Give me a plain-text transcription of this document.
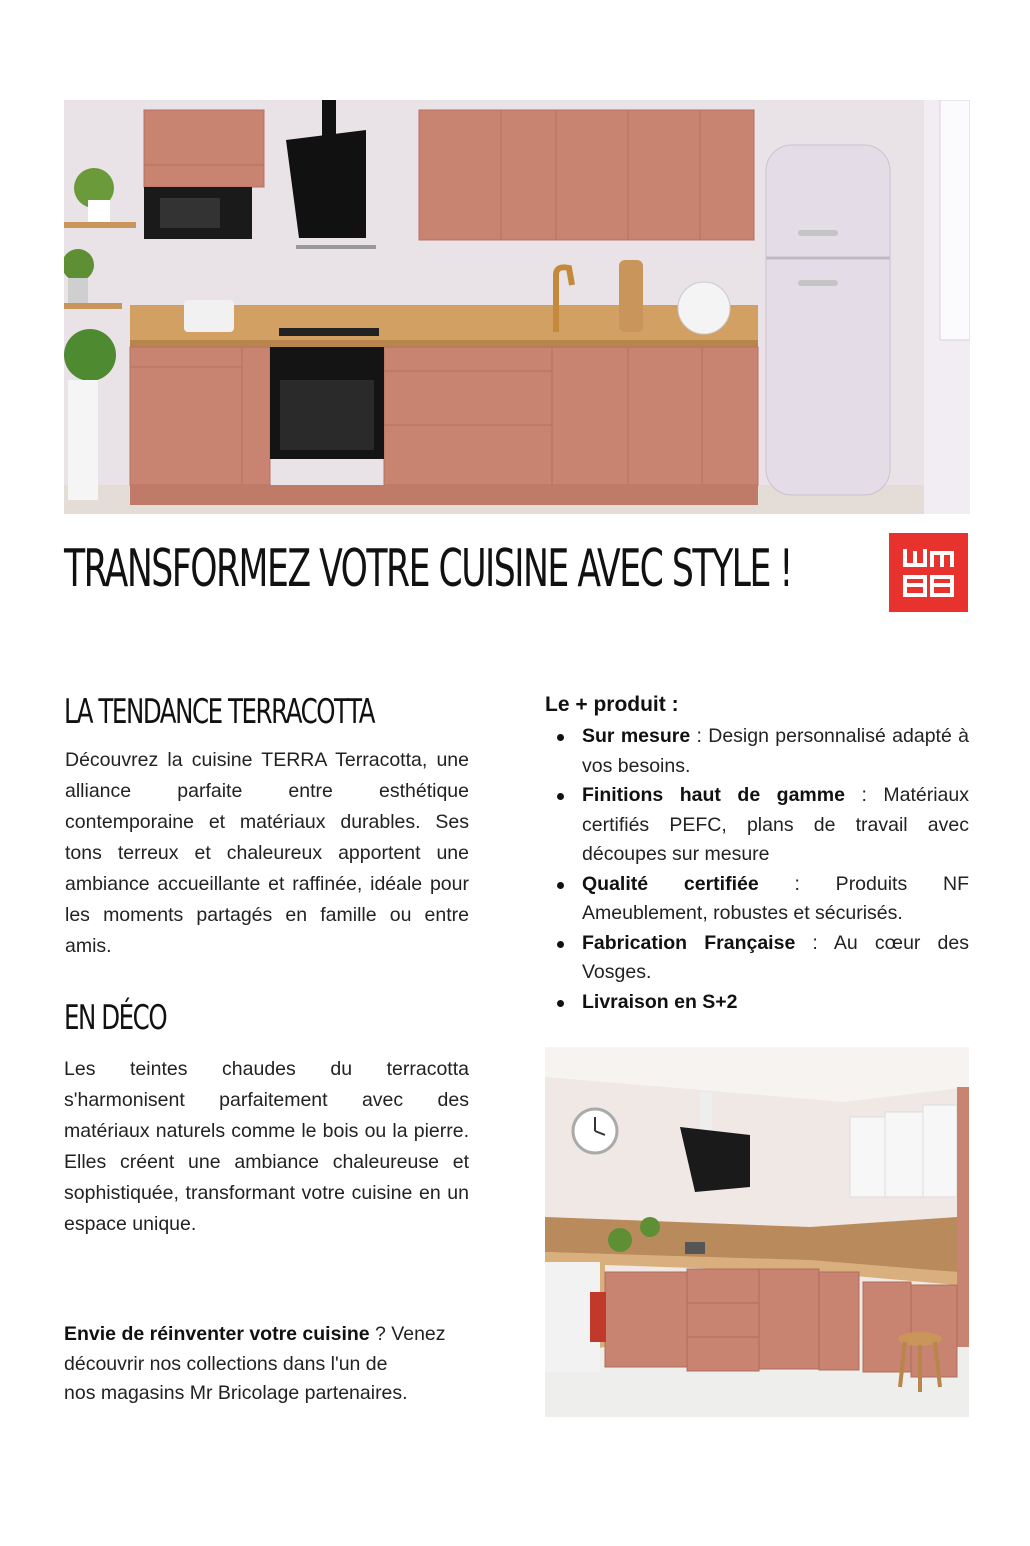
TRANSFORMEZ VOTRE CUISINE AVEC STYLE !
LA TENDANCE TERRACOTTA

Découvrez la cuisine TERRA Terracotta, une alliance parfaite entre esthétique contemporaine et matériaux durables. Ses tons terreux et chaleureux apportent une ambiance accueillante et raffinée, idéale pour les moments partagés en famille ou entre amis.

EN DÉCO

Les teintes chaudes du terracotta s'harmonisent parfaitement avec des matériaux naturels comme le bois ou la pierre. Elles créent une ambiance chaleureuse et sophistiquée, transformant votre cuisine en un espace unique.

Envie de réinventer votre cuisine ? Venez
découvrir nos collections dans l'un de
nos magasins Mr Bricolage partenaires.
Le + produit :
Sur mesure : Design personnalisé adapté à vos besoins.
Finitions haut de gamme : Matériaux certifiés PEFC, plans de travail avec découpes sur mesure
Qualité certifiée : Produits NF Ameublement, robustes et sécurisés.
Fabrication Française : Au cœur des Vosges.
Livraison en S+2
